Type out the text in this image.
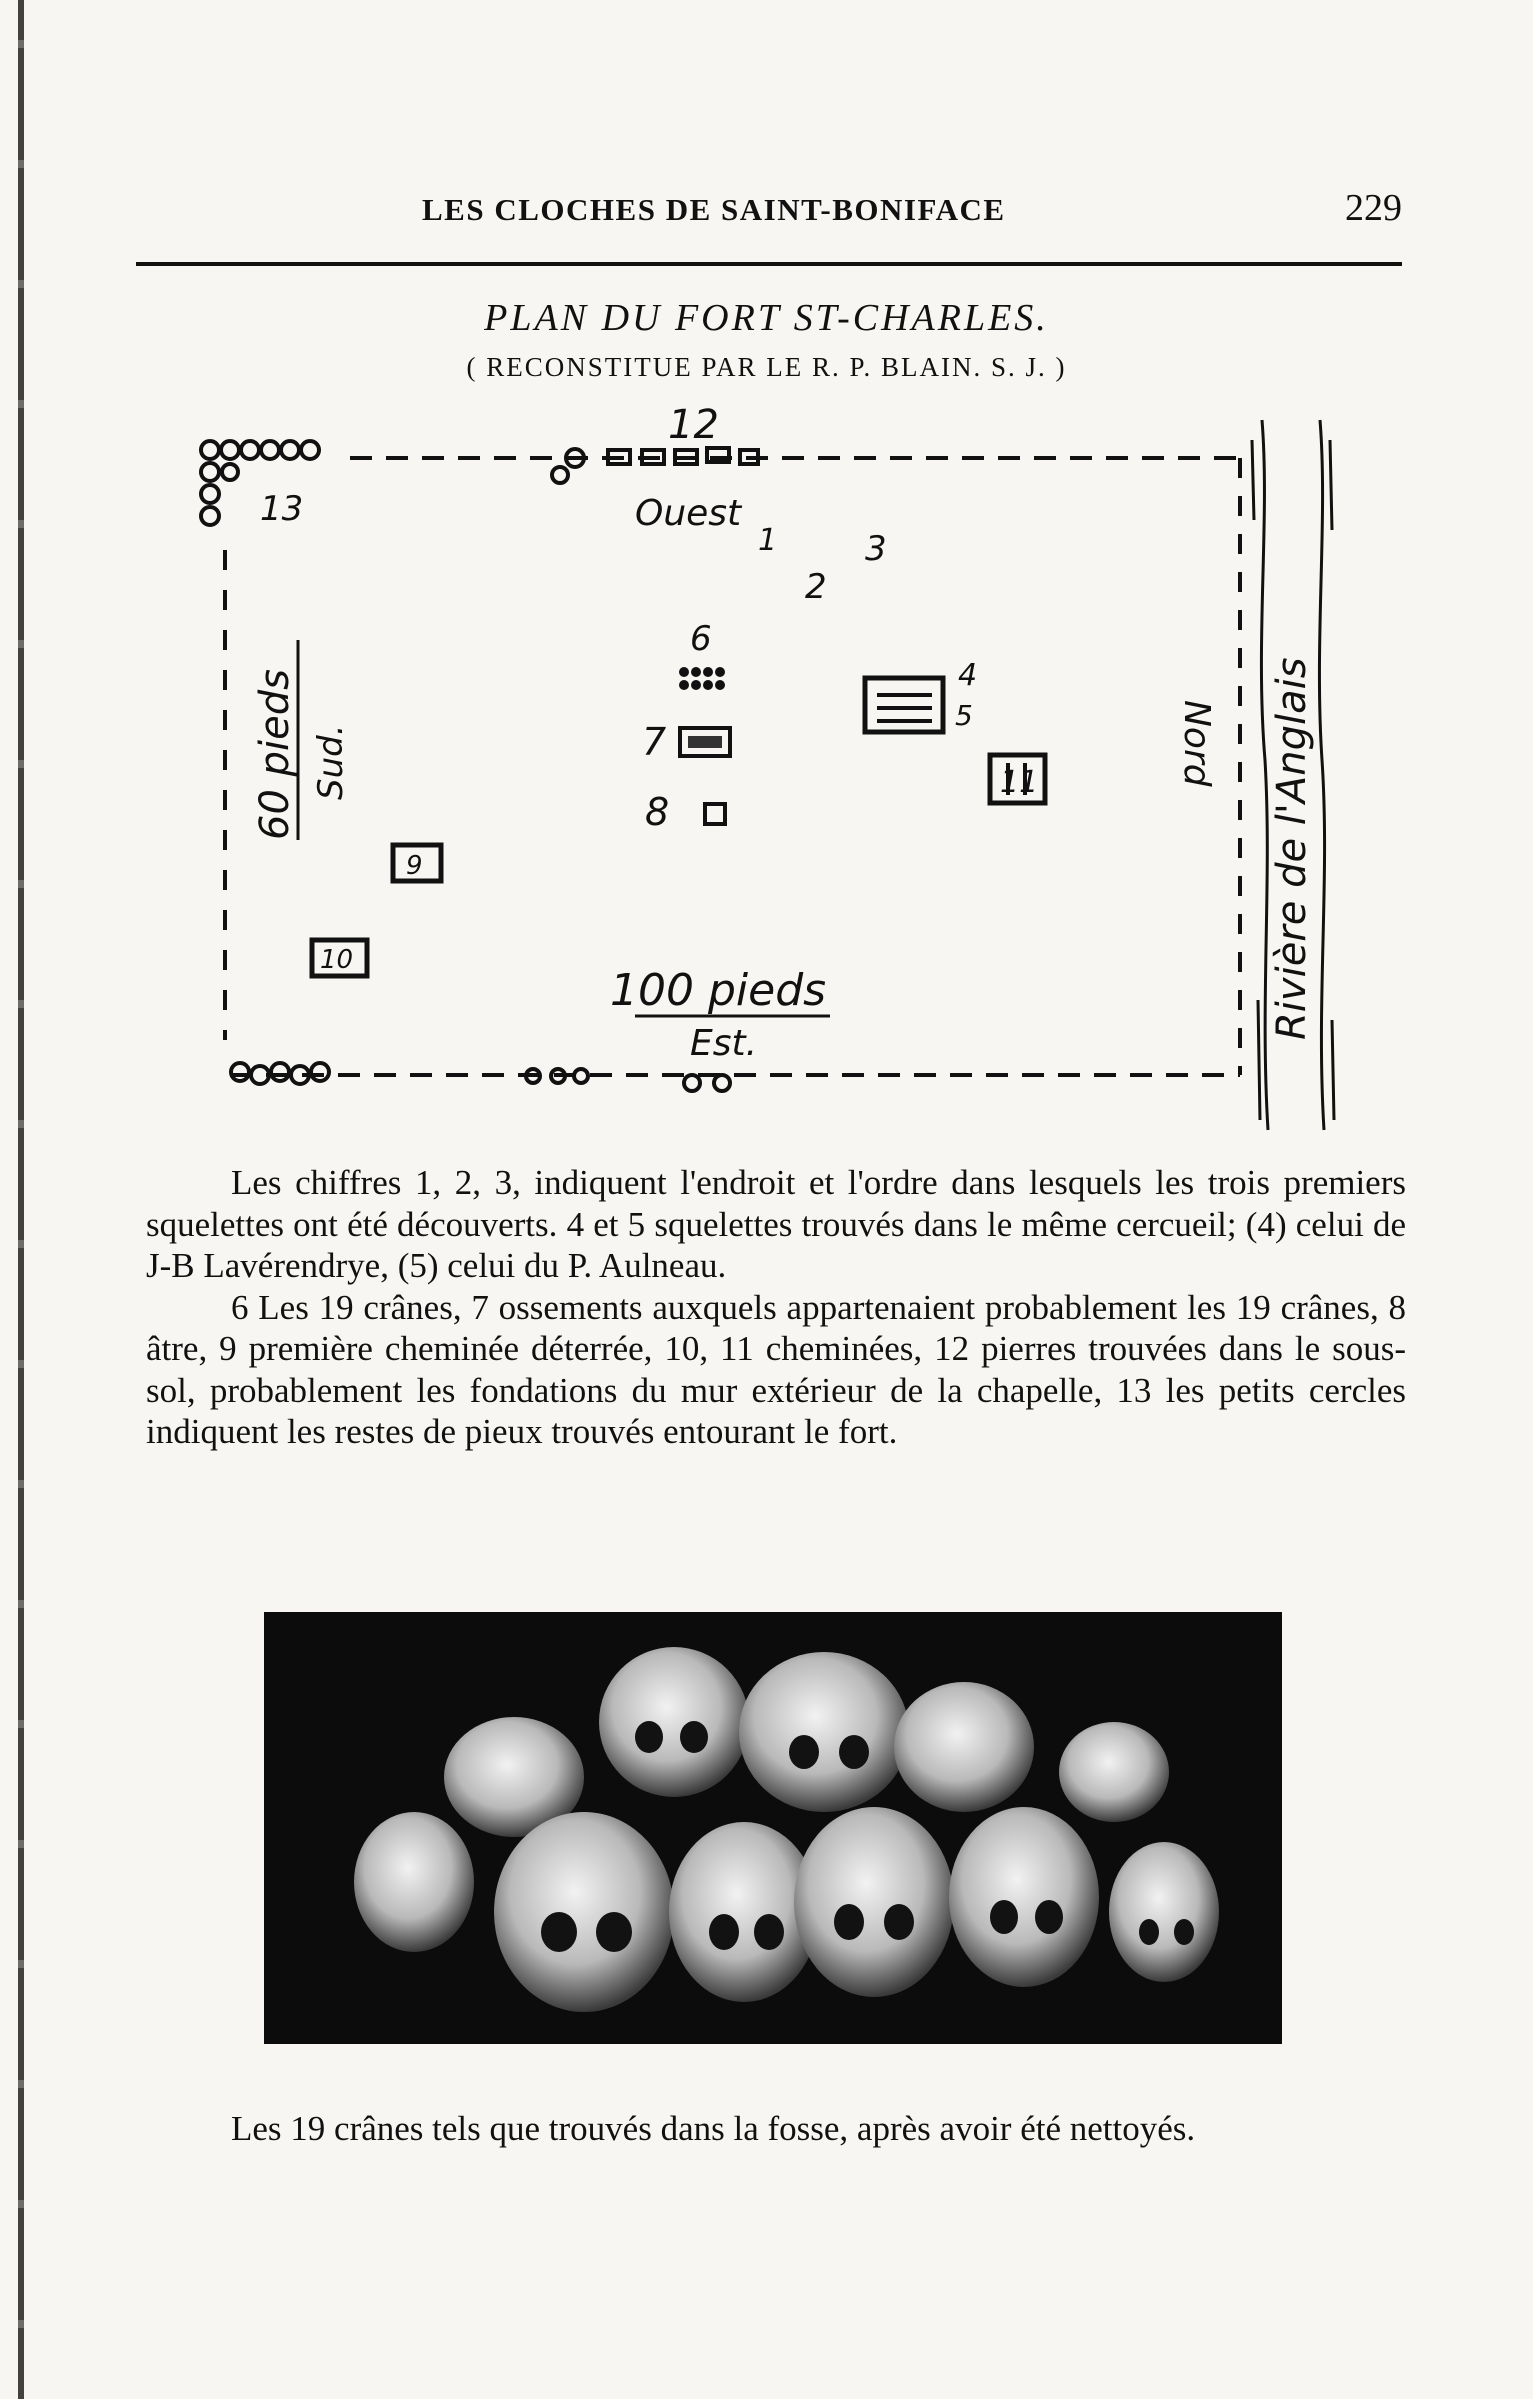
LES CLOCHES DE SAINT-BONIFACE	229
PLAN DU FORT ST-CHARLES.
( RECONSTITUE PAR LE R. P. BLAIN. S. J. )
12
13
1
2
3
4
5
6
7
8
9
10
11
Ouest
Est.
100 pieds
Nord
60 pieds Sud.	Rivière de l'Anglais

Les chiffres 1, 2, 3, indiquent l'endroit et l'ordre dans lesquels les trois premiers squelettes ont été découverts. 4 et 5 squelettes trouvés dans le même cercueil; (4) celui de J-B Lavérendrye, (5) celui du P. Aulneau.

6 Les 19 crânes, 7 ossements auxquels appartenaient probablement les 19 crânes, 8 âtre, 9 première cheminée déterrée, 10, 11 cheminées, 12 pierres trouvées dans le sous-sol, probablement les fondations du mur extérieur de la chapelle, 13 les petits cercles indiquent les restes de pieux trouvés entourant le fort.

Les 19 crânes tels que trouvés dans la fosse, après avoir été nettoyés.
